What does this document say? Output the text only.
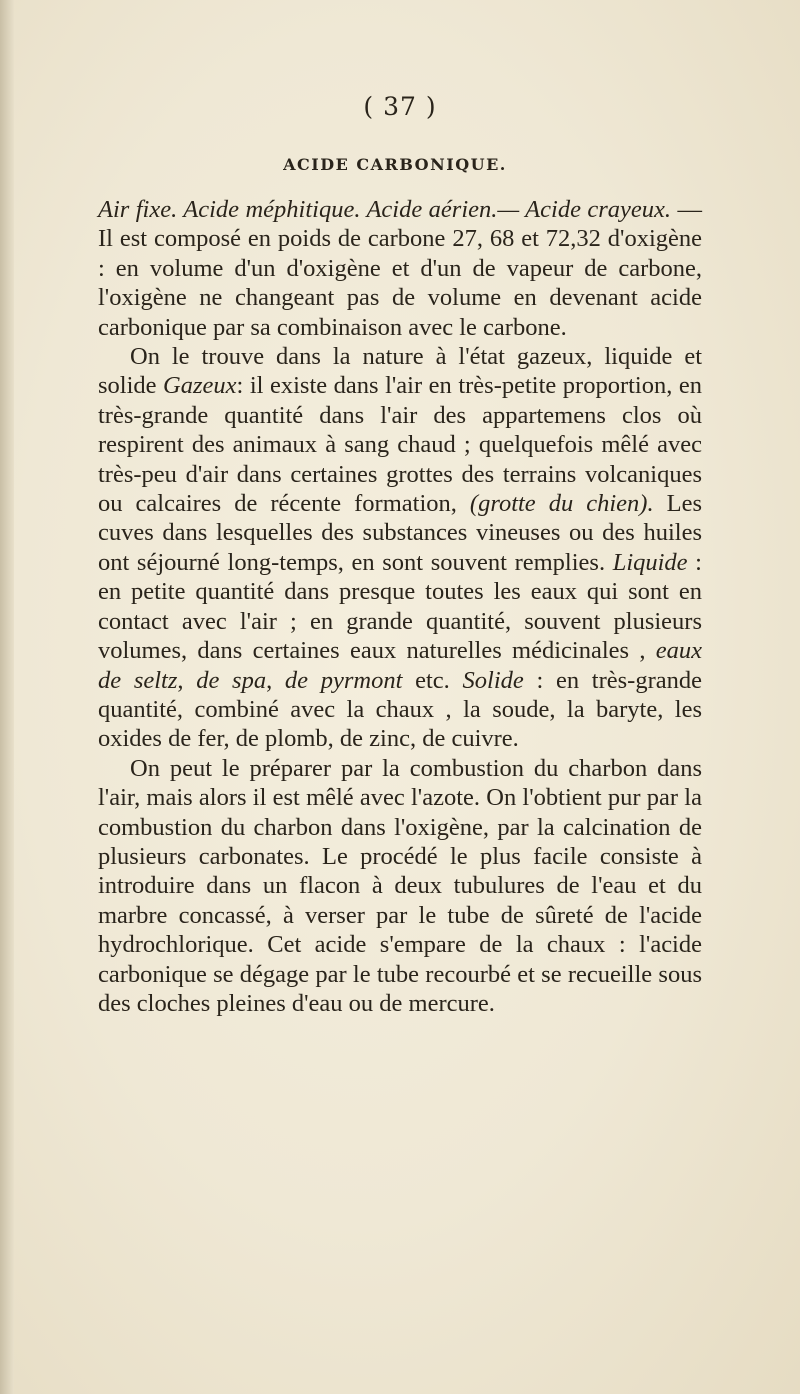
( 37 )
ACIDE CARBONIQUE.

Air fixe. Acide méphitique. Acide aérien.— Acide crayeux. — Il est composé en poids de carbone 27, 68 et 72,32 d'oxigène : en volume d'un d'oxigène et d'un de vapeur de carbone, l'oxigène ne changeant pas de volume en devenant acide carbonique par sa combinaison avec le carbone.

On le trouve dans la nature à l'état gazeux, liquide et solide Gazeux: il existe dans l'air en très-petite proportion, en très-grande quantité dans l'air des appartemens clos où respirent des animaux à sang chaud ; quelquefois mêlé avec très-peu d'air dans certaines grottes des terrains volcaniques ou calcaires de récente formation, (grotte du chien). Les cuves dans lesquelles des substances vineuses ou des huiles ont séjourné long-temps, en sont souvent remplies. Liquide : en petite quantité dans presque toutes les eaux qui sont en contact avec l'air ; en grande quantité, souvent plusieurs volumes, dans certaines eaux naturelles médicinales , eaux de seltz, de spa, de pyrmont etc. Solide : en très-grande quantité, combiné avec la chaux , la soude, la baryte, les oxides de fer, de plomb, de zinc, de cuivre.

On peut le préparer par la combustion du charbon dans l'air, mais alors il est mêlé avec l'azote. On l'obtient pur par la combustion du charbon dans l'oxigène, par la calcination de plusieurs carbonates. Le procédé le plus facile consiste à introduire dans un flacon à deux tubulures de l'eau et du marbre concassé, à verser par le tube de sûreté de l'acide hydrochlorique. Cet acide s'empare de la chaux : l'acide carbonique se dégage par le tube recourbé et se recueille sous des cloches pleines d'eau ou de mercure.
